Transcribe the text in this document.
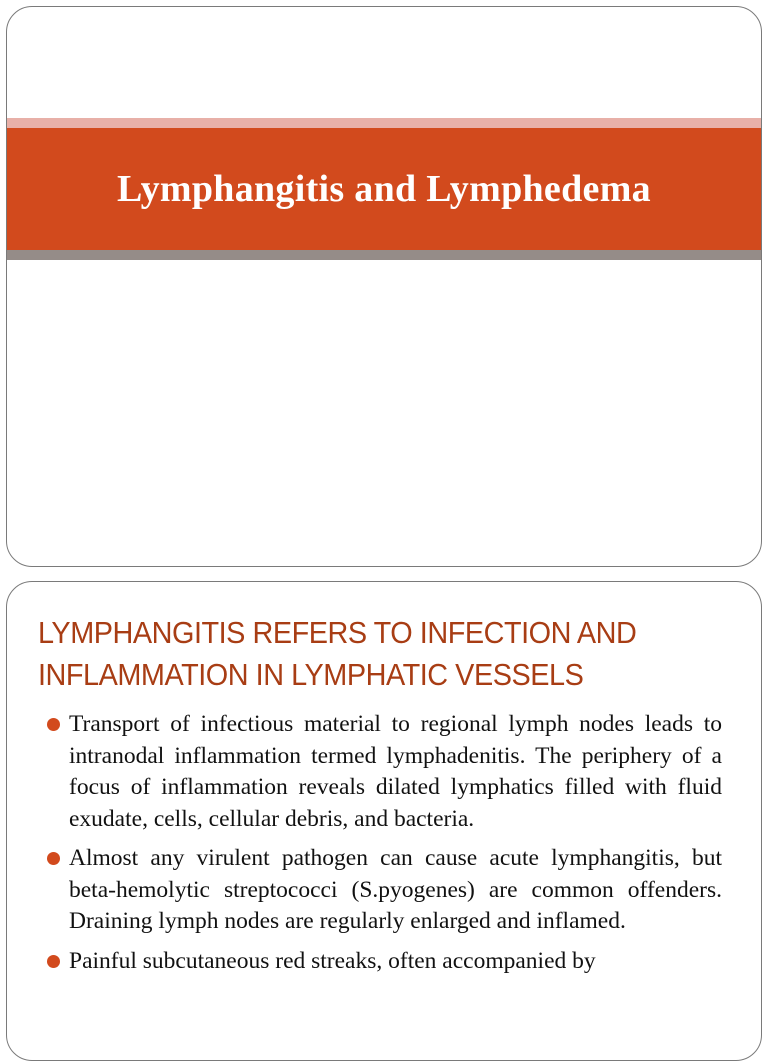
Lymphangitis and Lymphedema
LYMPHANGITIS REFERS TO INFECTION AND
INFLAMMATION IN LYMPHATIC VESSELS
Transport of infectious material to regional lymph nodes leads to intranodal inflammation termed lymphadenitis. The periphery of a focus of inflammation reveals dilated lymphatics filled with fluid exudate, cells, cellular debris, and bacteria.
Almost any virulent pathogen can cause acute lymphangitis, but beta-hemolytic streptococci (S.pyogenes) are common offenders. Draining lymph nodes are regularly enlarged and inflamed.
Painful subcutaneous red streaks, often accompanied by
